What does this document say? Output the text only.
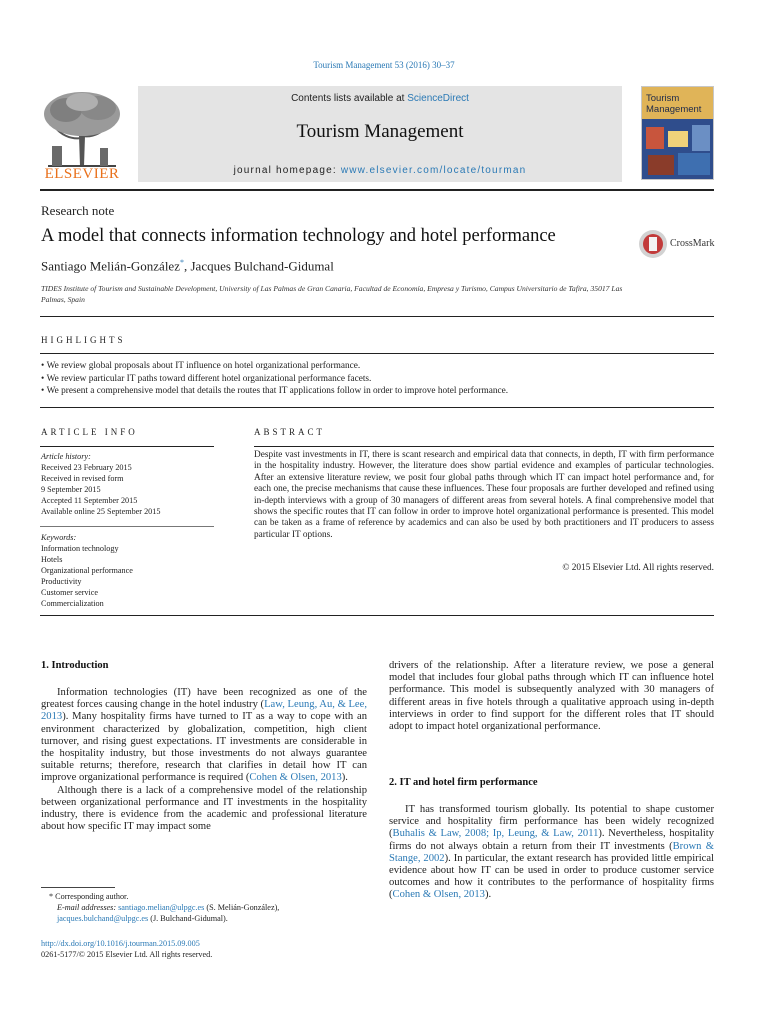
Tourism Management 53 (2016) 30–37
ELSEVIER
Contents lists available at ScienceDirect
Tourism Management
journal homepage: www.elsevier.com/locate/tourman
Tourism Management
Research note
A model that connects information technology and hotel performance	CrossMark
Santiago Melián-González*, Jacques Bulchand-Gidumal
TIDES Institute of Tourism and Sustainable Development, University of Las Palmas de Gran Canaria, Facultad de Economía, Empresa y Turismo, Campus Universitario de Tafira, 35017 Las Palmas, Spain
HIGHLIGHTS
• We review global proposals about IT influence on hotel organizational performance.
• We review particular IT paths toward different hotel organizational performance facets.
• We present a comprehensive model that details the routes that IT applications follow in order to improve hotel performance.
ARTICLE INFO
Article history:
Received 23 February 2015
Received in revised form
9 September 2015
Accepted 11 September 2015
Available online 25 September 2015
Keywords:
Information technology
Hotels
Organizational performance
Productivity
Customer service
Commercialization
ABSTRACT
Despite vast investments in IT, there is scant research and empirical data that connects, in depth, IT with firm performance in the hospitality industry. However, the literature does show partial evidence and examples of particular technologies. After an extensive literature review, we posit four global paths through which IT can impact hotel performance and, for each one, the precise mechanisms that cause these influences. These four proposals are further developed and refined using in-depth interviews with a group of 30 managers of different areas from several hotels. A final comprehensive model that shows the specific routes that IT can follow in order to improve hotel organizational performance is presented. This model can be taken as a frame of reference by academics and can also be used by both practitioners and IT producers to assess particular IT options.
© 2015 Elsevier Ltd. All rights reserved.
1. Introduction

Information technologies (IT) have been recognized as one of the greatest forces causing change in the hotel industry (Law, Leung, Au, & Lee, 2013). Many hospitality firms have turned to IT as a way to cope with an environment characterized by globalization, competition, high client turnover, and rising guest expectations. IT investments are considerable in the hospitality industry, but those investments do not always guarantee suitable returns; therefore, research that clarifies in detail how IT can improve organizational performance is required (Cohen & Olsen, 2013).

Although there is a lack of a comprehensive model of the relationship between organizational performance and IT investments in the hospitality industry, there is evidence from the academic and professional literature about how specific IT may impact some

* Corresponding author.
E-mail addresses: santiago.melian@ulpgc.es (S. Melián-González), jacques.bulchand@ulpgc.es (J. Bulchand-Gidumal).
http://dx.doi.org/10.1016/j.tourman.2015.09.005
0261-5177/© 2015 Elsevier Ltd. All rights reserved.
drivers of the relationship. After a literature review, we pose a general model that includes four global paths through which IT can influence hotel performance. This model is subsequently analyzed with 30 managers of different areas in five hotels through a qualitative approach using in-depth interviews in order to find support for the different roles that IT should adopt to impact hotel organizational performance.
2. IT and hotel firm performance

IT has transformed tourism globally. Its potential to shape customer service and hospitality firm performance has been widely recognized (Buhalis & Law, 2008; Ip, Leung, & Law, 2011). Nevertheless, hospitality firms do not always obtain a return from their IT investments (Brown & Stange, 2002). In particular, the extant research has provided little empirical evidence about how IT can be used in order to produce customer service outcomes and how it contributes to the performance of hospitality firms (Cohen & Olsen, 2013).
